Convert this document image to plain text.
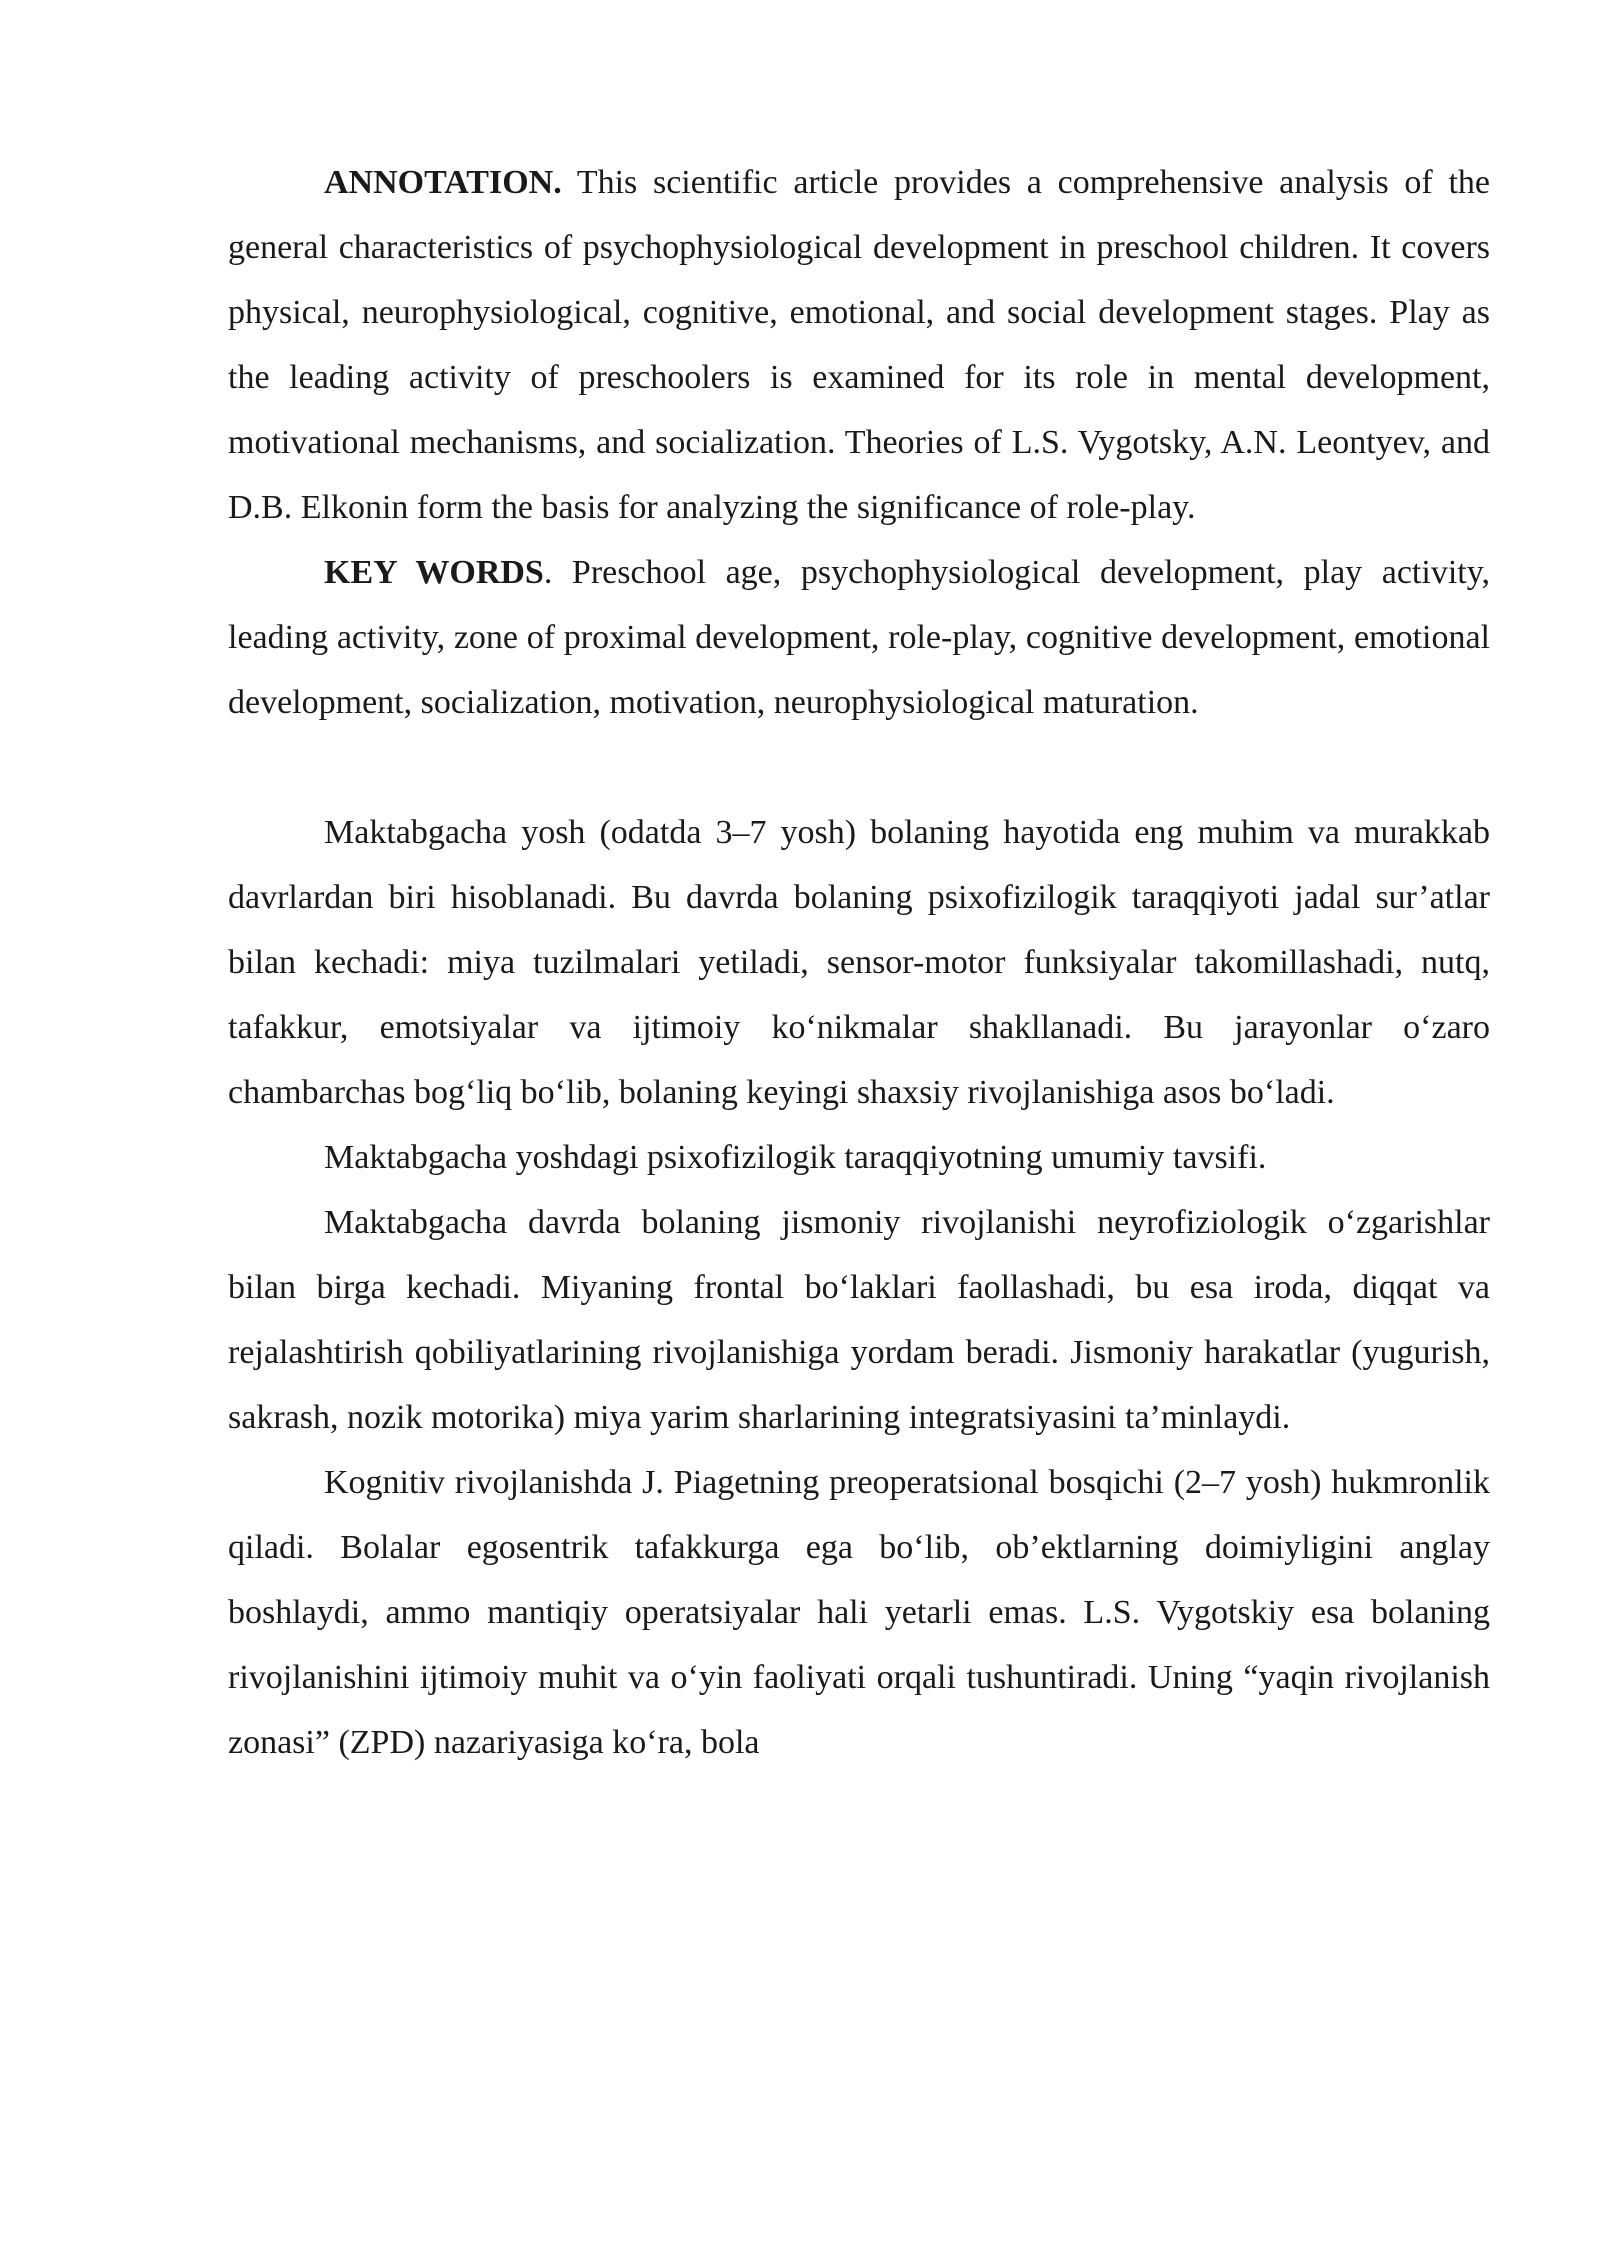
ANNOTATION. This scientific article provides a comprehensive analysis of the general characteristics of psychophysiological development in preschool children. It covers physical, neurophysiological, cognitive, emotional, and social development stages. Play as the leading activity of preschoolers is examined for its role in mental development, motivational mechanisms, and socialization. Theories of L.S. Vygotsky, A.N. Leontyev, and D.B. Elkonin form the basis for analyzing the significance of role-play.

KEY WORDS. Preschool age, psychophysiological development, play activity, leading activity, zone of proximal development, role-play, cognitive development, emotional development, socialization, motivation, neurophysiological maturation.

Maktabgacha yosh (odatda 3–7 yosh) bolaning hayotida eng muhim va murakkab davrlardan biri hisoblanadi. Bu davrda bolaning psixofizilogik taraqqiyoti jadal sur’atlar bilan kechadi: miya tuzilmalari yetiladi, sensor-motor funksiyalar takomillashadi, nutq, tafakkur, emotsiyalar va ijtimoiy ko‘nikmalar shakllanadi. Bu jarayonlar o‘zaro chambarchas bog‘liq bo‘lib, bolaning keyingi shaxsiy rivojlanishiga asos bo‘ladi.

Maktabgacha yoshdagi psixofizilogik taraqqiyotning umumiy tavsifi.

Maktabgacha davrda bolaning jismoniy rivojlanishi neyrofiziologik o‘zgarishlar bilan birga kechadi. Miyaning frontal bo‘laklari faollashadi, bu esa iroda, diqqat va rejalashtirish qobiliyatlarining rivojlanishiga yordam beradi. Jismoniy harakatlar (yugurish, sakrash, nozik motorika) miya yarim sharlarining integratsiyasini ta’minlaydi.

Kognitiv rivojlanishda J. Piagetning preoperatsional bosqichi (2–7 yosh) hukmronlik qiladi. Bolalar egosentrik tafakkurga ega bo‘lib, ob’ektlarning doimiyligini anglay boshlaydi, ammo mantiqiy operatsiyalar hali yetarli emas. L.S. Vygotskiy esa bolaning rivojlanishini ijtimoiy muhit va o‘yin faoliyati orqali tushuntiradi. Uning “yaqin rivojlanish zonasi” (ZPD) nazariyasiga ko‘ra, bola
